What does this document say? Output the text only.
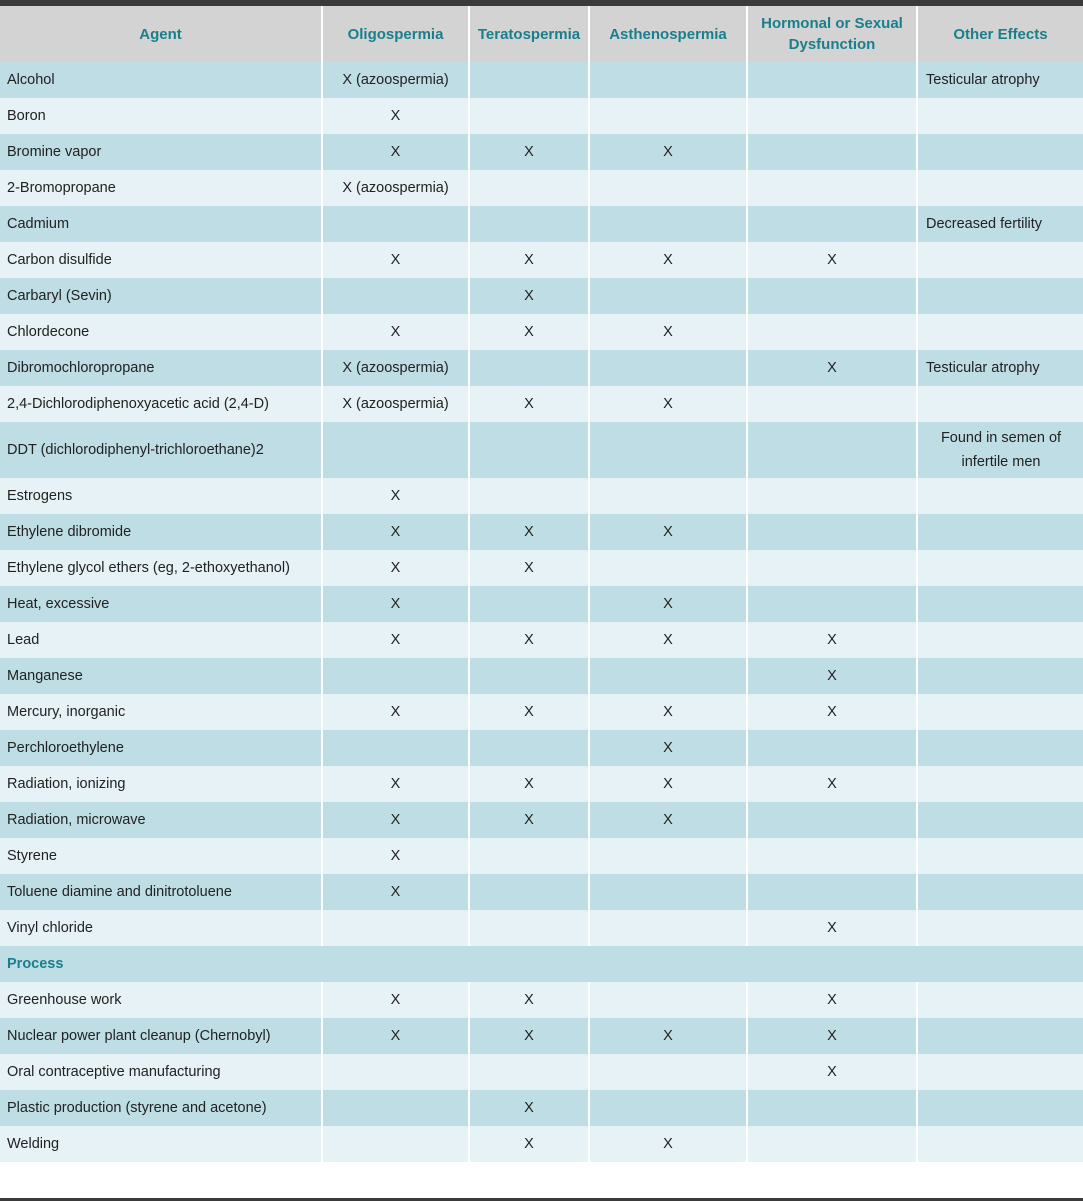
Agent	Oligospermia	Teratospermia	Asthenospermia	Hormonal or Sexual Dysfunction	Other Effects
Alcohol	X (azoospermia)				Testicular atrophy
Boron	X				
Bromine vapor	X	X	X		
2-Bromopropane	X (azoospermia)				
Cadmium					Decreased fertility
Carbon disulfide	X	X	X	X	
Carbaryl (Sevin)		X			
Chlordecone	X	X	X		
Dibromochloropropane	X (azoospermia)			X	Testicular atrophy
2,4-Dichlorodiphenoxyacetic acid (2,4-D)	X (azoospermia)	X	X		
DDT (dichlorodiphenyl-trichloroethane)2					Found in semen of infertile men
Estrogens	X				
Ethylene dibromide	X	X	X		
Ethylene glycol ethers (eg, 2-ethoxyethanol)	X	X			
Heat, excessive	X		X		
Lead	X	X	X	X	
Manganese				X	
Mercury, inorganic	X	X	X	X	
Perchloroethylene			X		
Radiation, ionizing	X	X	X	X	
Radiation, microwave	X	X	X		
Styrene	X				
Toluene diamine and dinitrotoluene	X				
Vinyl chloride				X	
Process					
Greenhouse work	X	X		X	
Nuclear power plant cleanup (Chernobyl)	X	X	X	X	
Oral contraceptive manufacturing				X	
Plastic production (styrene and acetone)		X			
Welding		X	X		
